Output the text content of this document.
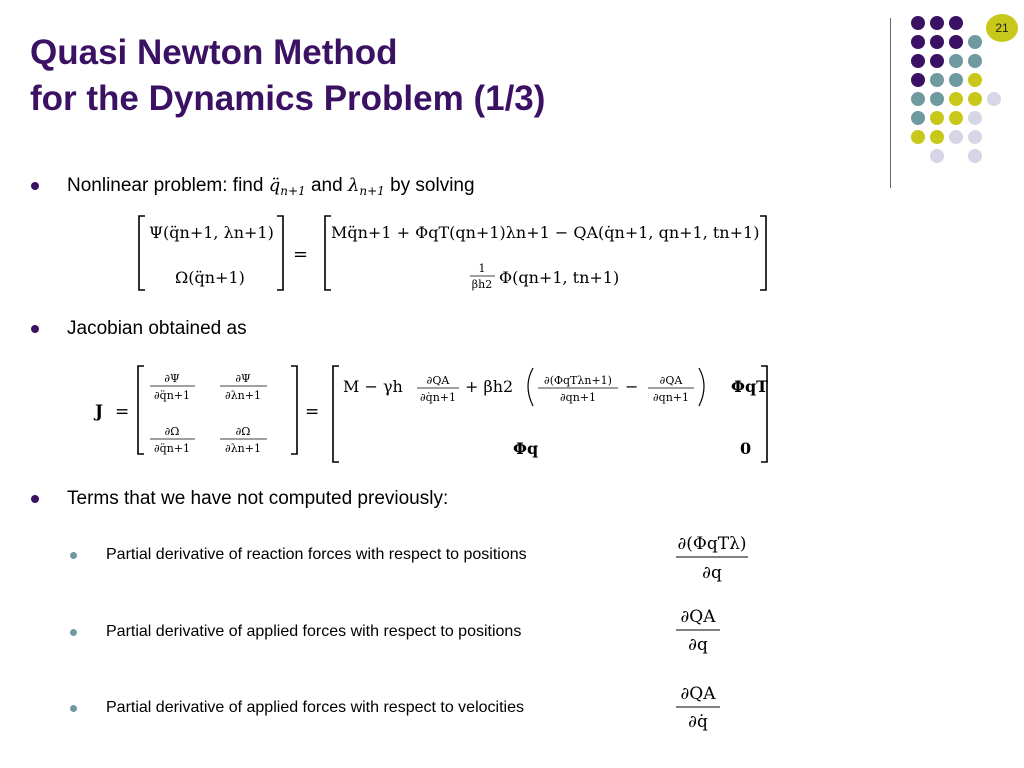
Quasi Newton Method
for the Dynamics Problem (1/3)
21
Nonlinear problem: find $q̈_{n+1}$ and $\lambda_{n+1}$ by solving
Ψ(q̈n+1, λn+1)
Ω(q̈n+1)
=
Mq̈n+1 + ΦqT(qn+1)λn+1 − QA(q̇n+1, qn+1, tn+1)
1
βh2 Φ(qn+1, tn+1)
Jacobian obtained as
J =
∂Ψ
∂q̈n+1
∂Ψ
∂λn+1
∂Ω
∂q̈n+1
∂Ω
∂λn+1
=
M − γh ∂QA
∂q̇n+1
+ βh2	∂(ΦqTλn+1)
∂qn+1
− ∂QA
∂qn+1
ΦqT
Φq	0
Terms that we have not computed previously:
Partial derivative of reaction forces with respect to positions
Partial derivative of applied forces with respect to positions
Partial derivative of applied forces with respect to velocities
∂(ΦqTλ)
∂q
∂QA
∂q
∂QA
∂q̇
